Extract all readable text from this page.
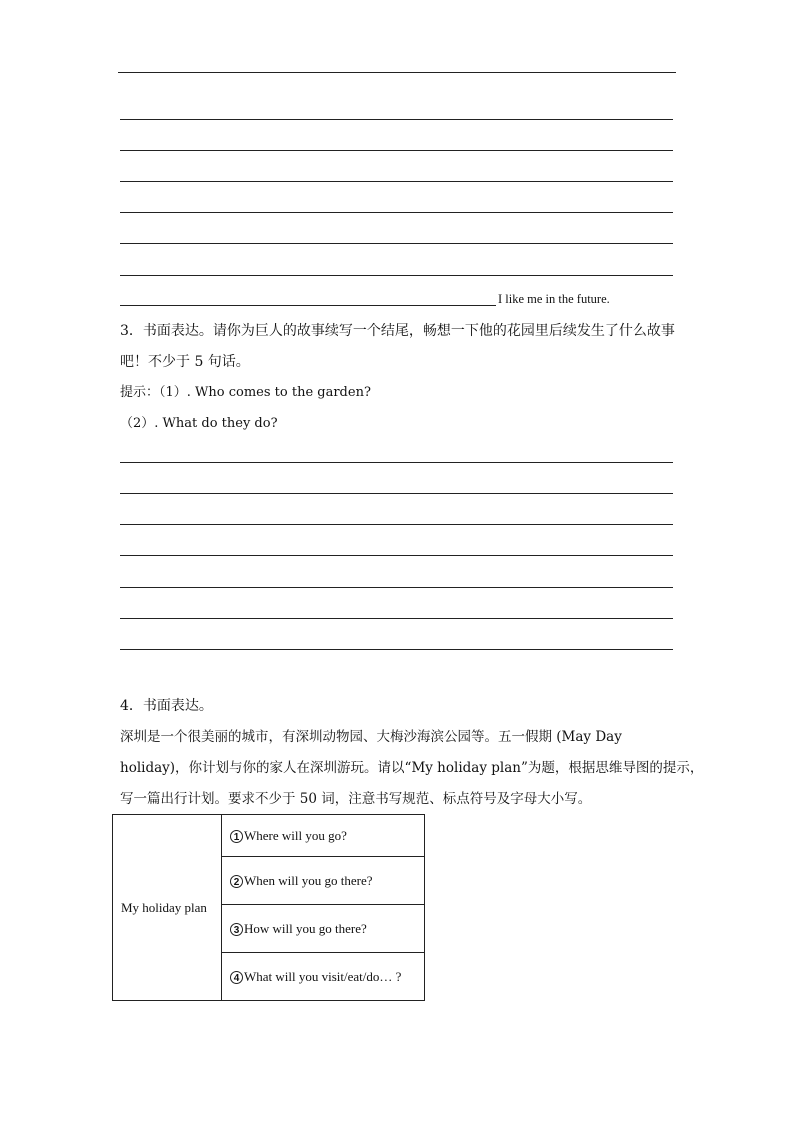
I like me in the future.
3．书面表达。请你为巨人的故事续写一个结尾，畅想一下他的花园里后续发生了什么故事
吧！不少于 5 句话。
提示：（1）. Who comes to the garden?
（2）. What do they do?
4．书面表达。
深圳是一个很美丽的城市，有深圳动物园、大梅沙海滨公园等。五一假期 (May Day
holiday)，你计划与你的家人在深圳游玩。请以“My holiday plan”为题，根据思维导图的提示，
写一篇出行计划。要求不少于 50 词，注意书写规范、标点符号及字母大小写。
My holiday plan	1 Where will you go?
2 When will you go there?
3 How will you go there?
4 What will you visit/eat/do… ?
